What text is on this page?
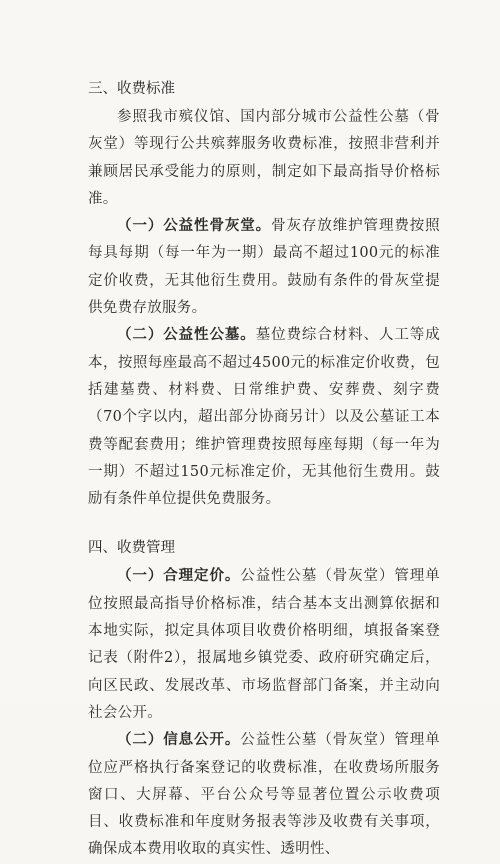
三、收费标准

参照我市殡仪馆、国内部分城市公益性公墓（骨灰堂）等现行公共殡葬服务收费标准，按照非营利并兼顾居民承受能力的原则，制定如下最高指导价格标准。

（一）公益性骨灰堂。骨灰存放维护管理费按照每具每期（每一年为一期）最高不超过100元的标准定价收费，无其他衍生费用。鼓励有条件的骨灰堂提供免费存放服务。

（二）公益性公墓。墓位费综合材料、人工等成本，按照每座最高不超过4500元的标准定价收费，包括建墓费、材料费、日常维护费、安葬费、刻字费（70个字以内，超出部分协商另计）以及公墓证工本费等配套费用；维护管理费按照每座每期（每一年为一期）不超过150元标准定价，无其他衍生费用。鼓励有条件单位提供免费服务。

四、收费管理

（一）合理定价。公益性公墓（骨灰堂）管理单位按照最高指导价格标准，结合基本支出测算依据和本地实际，拟定具体项目收费价格明细，填报备案登记表（附件2），报属地乡镇党委、政府研究确定后，向区民政、发展改革、市场监督部门备案，并主动向社会公开。

（二）信息公开。公益性公墓（骨灰堂）管理单位应严格执行备案登记的收费标准，在收费场所服务窗口、大屏幕、平台公众号等显著位置公示收费项目、收费标准和年度财务报表等涉及收费有关事项，确保成本费用收取的真实性、透明性、
